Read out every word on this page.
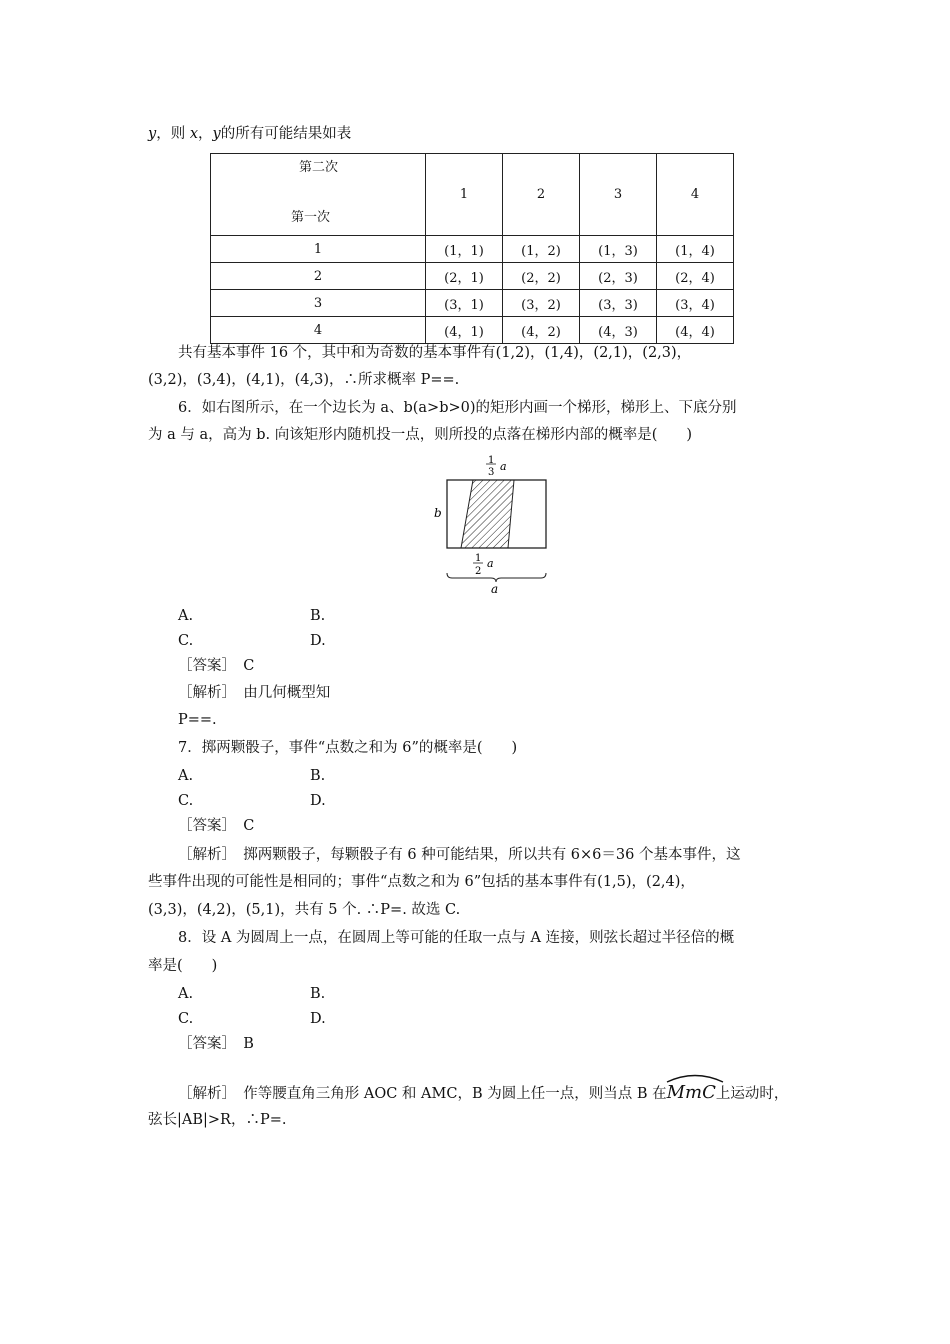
y，则 x，y的所有可能结果如表
第二次
第一次	1	2	3	4
1	(1，1)	(1，2)	(1，3)	(1，4)
2	(2，1)	(2，2)	(2，3)	(2，4)
3	(3，1)	(3，2)	(3，3)	(3，4)
4	(4，1)	(4，2)	(4，3)	(4，4)
共有基本事件 16 个，其中和为奇数的基本事件有(1,2)，(1,4)，(2,1)，(2,3)，
(3,2)，(3,4)，(4,1)，(4,3)，∴所求概率 P==.
6．如右图所示，在一个边长为 a、b(a>b>0)的矩形内画一个梯形，梯形上、下底分别
为 a 与 a，高为 b. 向该矩形内随机投一点，则所投的点落在梯形内部的概率是(　　)
1
3 a
b
1
2
a
a
A.	B.
C.	D.
［答案］　C
［解析］　由几何概型知
P==.
7．掷两颗骰子，事件“点数之和为 6”的概率是(　　)
A.	B.
C.	D.
［答案］　C
［解析］　掷两颗骰子，每颗骰子有 6 种可能结果，所以共有 6×6＝36 个基本事件，这
些事件出现的可能性是相同的；事件“点数之和为 6”包括的基本事件有(1,5)，(2,4)，
(3,3)，(4,2)，(5,1)，共有 5 个. ∴P=. 故选 C.
8．设 A 为圆周上一点，在圆周上等可能的任取一点与 A 连接，则弦长超过半径倍的概
率是(　　)
A.	B.
C.	D.
［答案］　B
［解析］　作等腰直角三角形 AOC 和 AMC，B 为圆上任一点，则当点 B 在
MmC上运动时，
弦长|AB|>R，∴P=.
